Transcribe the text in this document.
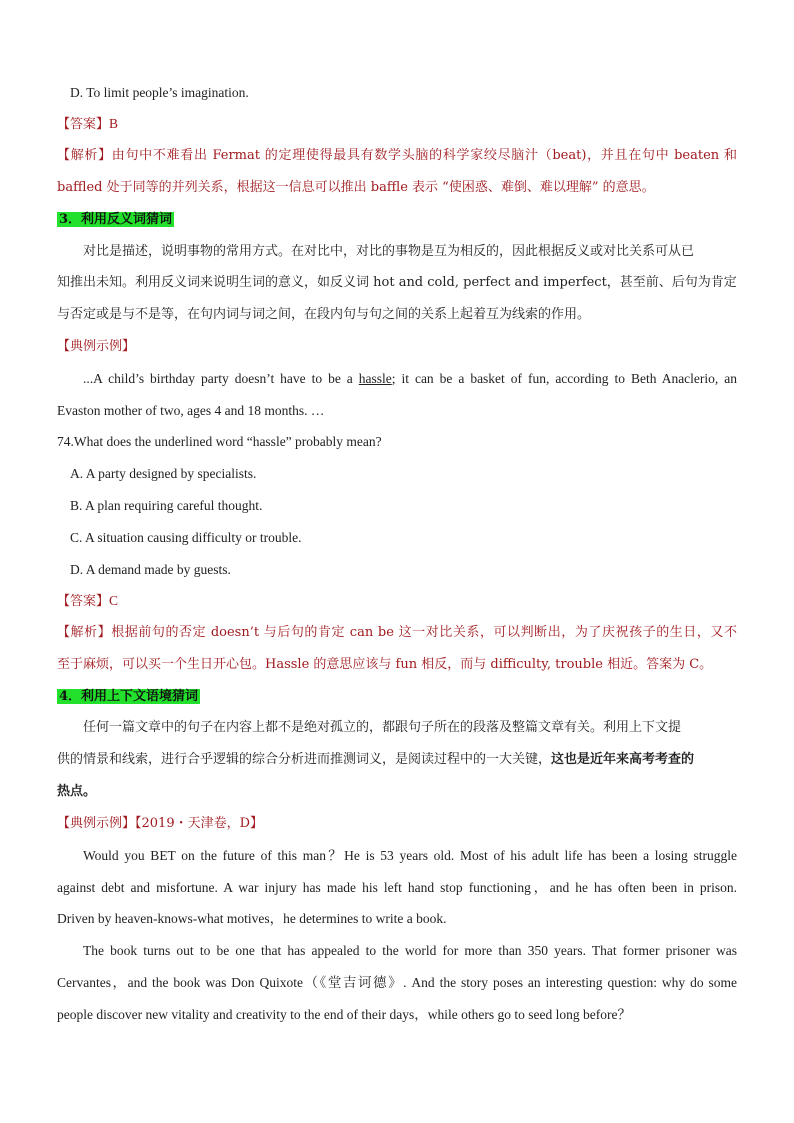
D. To limit people’s imagination.
【答案】B
【解析】由句中不难看出 Fermat 的定理使得最具有数学头脑的科学家绞尽脑汁（beat)，并且在句中 beaten 和
baffled 处于同等的并列关系，根据这一信息可以推出 baffle 表示 “使困惑、难倒、难以理解” 的意思。
3．利用反义词猜词
对比是描述，说明事物的常用方式。在对比中，对比的事物是互为相反的，因此根据反义或对比关系可从已
知推出未知。利用反义词来说明生词的意义，如反义词 hot and cold, perfect and imperfect，甚至前、后句为肯定
与否定或是与不是等，在句内词与词之间，在段内句与句之间的关系上起着互为线索的作用。
【典例示例】
...A child’s birthday party doesn’t have to be a hassle; it can be a basket of fun, according to Beth Anaclerio, an
Evaston mother of two, ages 4 and 18 months. …
74.What does the underlined word “hassle” probably mean?
A. A party designed by specialists.
B. A plan requiring careful thought.
C. A situation causing difficulty or trouble.
D. A demand made by guests.
【答案】C
【解析】根据前句的否定 doesn’t 与后句的肯定 can be 这一对比关系，可以判断出，为了庆祝孩子的生日，又不
至于麻烦，可以买一个生日开心包。Hassle 的意思应该与 fun 相反，而与 difficulty, trouble 相近。答案为 C。
4．利用上下文语境猜词
任何一篇文章中的句子在内容上都不是绝对孤立的，都跟句子所在的段落及整篇文章有关。利用上下文提
供的情景和线索，进行合乎逻辑的综合分析进而推测词义，是阅读过程中的一大关键，这也是近年来高考考查的
热点。
【典例示例】【2019・天津卷，D】
Would you BET on the future of this man？He is 53 years old. Most of his adult life has been a losing struggle
against debt and misfortune. A war injury has made his left hand stop functioning，and he has often been in prison.
Driven by heaven-knows-what motives，he determines to write a book.
The book turns out to be one that has appealed to the world for more than 350 years. That former prisoner was
Cervantes，and the book was Don Quixote（《堂吉诃德》. And the story poses an interesting question: why do some
people discover new vitality and creativity to the end of their days，while others go to seed long before？
